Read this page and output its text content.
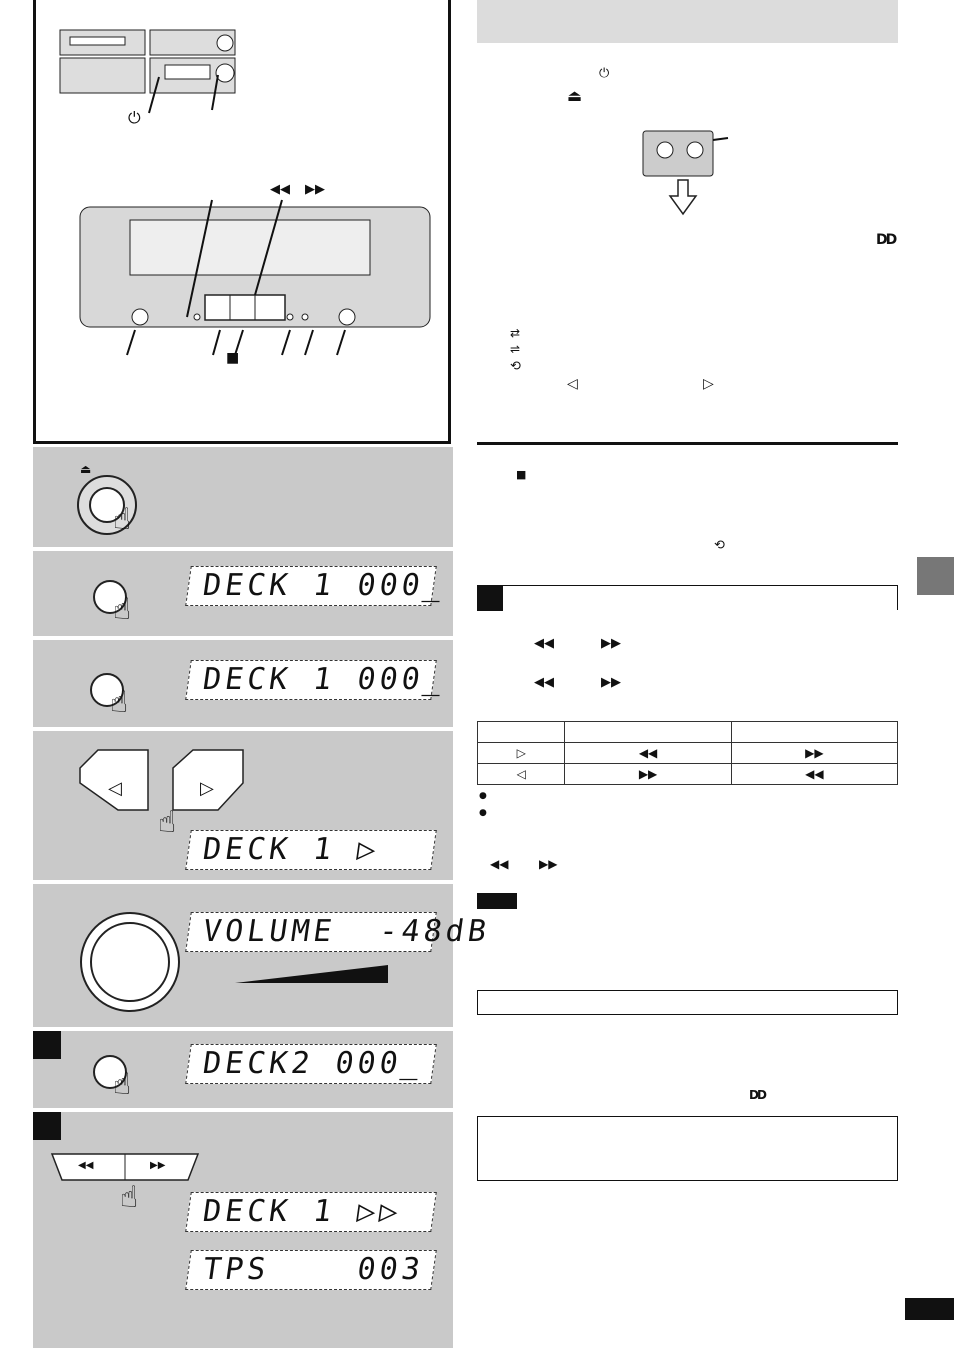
⏻
◀◀ ▶▶
■
⏏
☝
☝
DECK 1 000_
☝
DECK 1 000_
◁	▷
☝
DECK 1 ▷
VOLUME  -48dB
☝
DECK2 000_
◀◀	▶▶
☝	DECK 1 ▷▷
TPS    003
⏻
⏏
DD
⇄
⇌
⟲
◁	▷
■
⟲
◀◀	▶▶
◀◀	▶▶

▷	◀◀	▶▶
◁	▶▶	◀◀
●
●
◀◀	▶▶
DD
